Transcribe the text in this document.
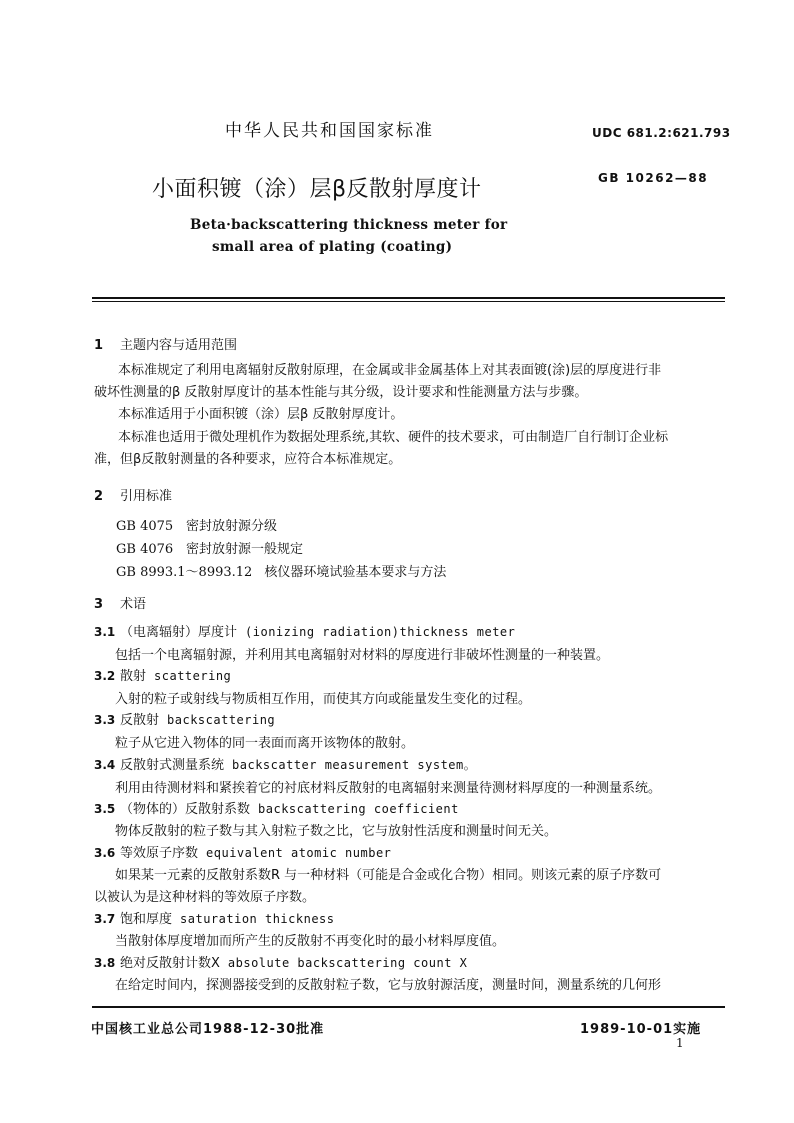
中华人民共和国国家标准	UDC 681.2:621.793
小面积镀（涂）层β反散射厚度计	GB 10262—88
Beta·backscattering thickness meter for
small area of plating (coating)
1 主题内容与适用范围
本标准规定了利用电离辐射反散射原理，在金属或非金属基体上对其表面镀(涂)层的厚度进行非
破坏性测量的β 反散射厚度计的基本性能与其分级，设计要求和性能测量方法与步骤。
本标准适用于小面积镀（涂）层β 反散射厚度计。
本标准也适用于微处理机作为数据处理系统,其软、硬件的技术要求，可由制造厂自行制订企业标
准，但β反散射测量的各种要求，应符合本标准规定。
2 引用标准
GB 4075 密封放射源分级
GB 4076 密封放射源一般规定
GB 8993.1～8993.12 核仪器环境试验基本要求与方法
3 术语
3.1 （电离辐射）厚度计 (ionizing radiation)thickness meter
包括一个电离辐射源，并利用其电离辐射对材料的厚度进行非破坏性测量的一种装置。
3.2 散射 scattering
入射的粒子或射线与物质相互作用，而使其方向或能量发生变化的过程。
3.3 反散射 backscattering
粒子从它进入物体的同一表面而离开该物体的散射。
3.4 反散射式测量系统 backscatter measurement system。
利用由待测材料和紧挨着它的衬底材料反散射的电离辐射来测量待测材料厚度的一种测量系统。
3.5 （物体的）反散射系数 backscattering coefficient
物体反散射的粒子数与其入射粒子数之比，它与放射性活度和测量时间无关。
3.6 等效原子序数 equivalent atomic number
如果某一元素的反散射系数R 与一种材料（可能是合金或化合物）相同。则该元素的原子序数可
以被认为是这种材料的等效原子序数。
3.7 饱和厚度 saturation thickness
当散射体厚度增加而所产生的反散射不再变化时的最小材料厚度值。
3.8 绝对反散射计数X absolute backscattering count X
在给定时间内，探测器接受到的反散射粒子数，它与放射源活度，测量时间，测量系统的几何形
中国核工业总公司1988-12-30批准	1989-10-01实施
1
